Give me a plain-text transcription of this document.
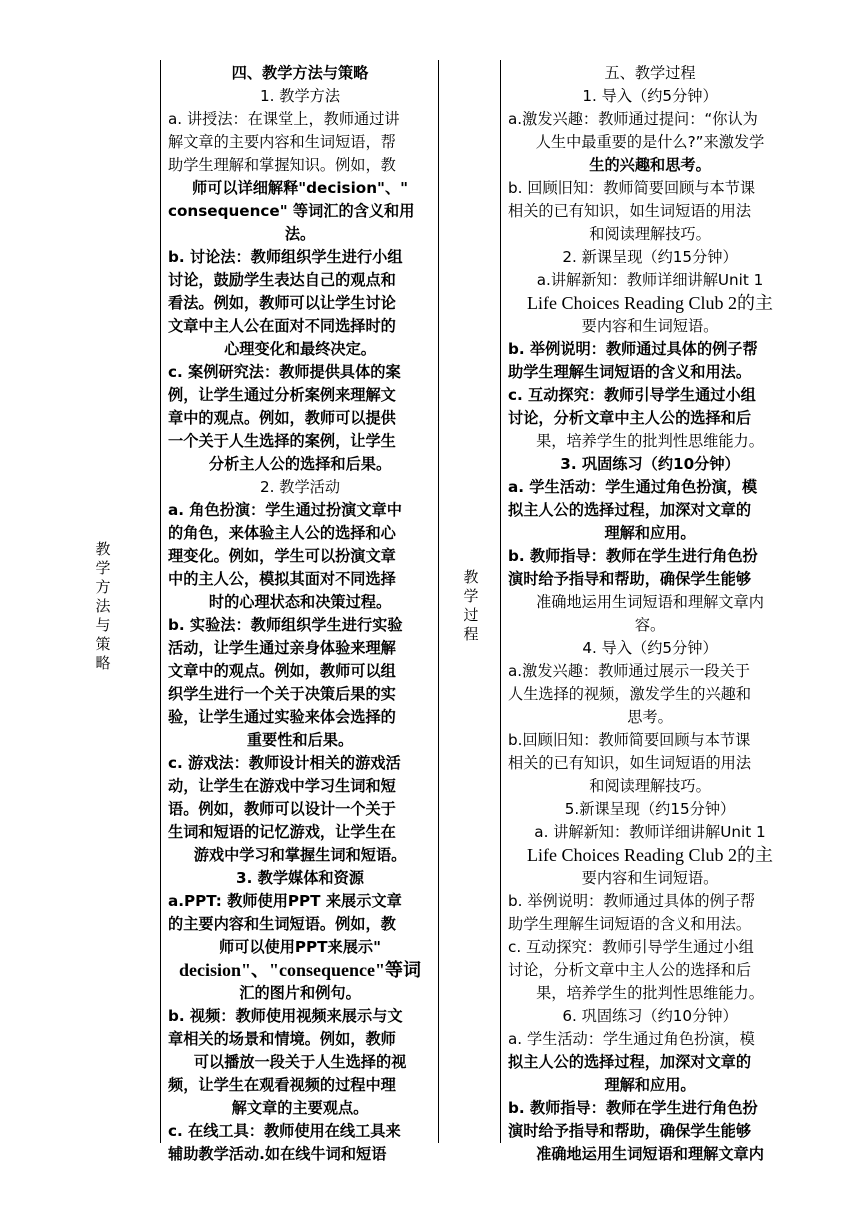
教
学
方
法
与
策
略
教
学
过
程

四、教学方法与策略

1. 教学方法

a. 讲授法：在课堂上，教师通过讲

解文章的主要内容和生词短语，帮

助学生理解和掌握知识。例如，教

师可以详细解释"decision"、"

consequence" 等词汇的含义和用

法。

b. 讨论法：教师组织学生进行小组

讨论，鼓励学生表达自己的观点和

看法。例如，教师可以让学生讨论

文章中主人公在面对不同选择时的

心理变化和最终决定。

c. 案例研究法：教师提供具体的案

例，让学生通过分析案例来理解文

章中的观点。例如，教师可以提供

一个关于人生选择的案例，让学生

分析主人公的选择和后果。

2. 教学活动

a. 角色扮演：学生通过扮演文章中

的角色，来体验主人公的选择和心

理变化。例如，学生可以扮演文章

中的主人公，模拟其面对不同选择

时的心理状态和决策过程。

b. 实验法：教师组织学生进行实验

活动，让学生通过亲身体验来理解

文章中的观点。例如，教师可以组

织学生进行一个关于决策后果的实

验，让学生通过实验来体会选择的

重要性和后果。

c. 游戏法：教师设计相关的游戏活

动，让学生在游戏中学习生词和短

语。例如，教师可以设计一个关于

生词和短语的记忆游戏，让学生在

游戏中学习和掌握生词和短语。

3. 教学媒体和资源

a.PPT: 教师使用PPT 来展示文章

的主要内容和生词短语。例如，教

师可以使用PPT来展示"

decision"、"consequence"等词

汇的图片和例句。

b. 视频：教师使用视频来展示与文

章相关的场景和情境。例如，教师

可以播放一段关于人生选择的视

频，让学生在观看视频的过程中理

解文章的主要观点。

c. 在线工具：教师使用在线工具来

辅助教学活动.如在线牛词和短语

五、教学过程

1. 导入（约5分钟）

a.激发兴趣：教师通过提问：“你认为

人生中最重要的是什么?”来激发学

生的兴趣和思考。

b. 回顾旧知：教师简要回顾与本节课

相关的已有知识，如生词短语的用法

和阅读理解技巧。

2. 新课呈现（约15分钟）

a.讲解新知：教师详细讲解Unit 1

Life Choices Reading Club 2的主

要内容和生词短语。

b. 举例说明：教师通过具体的例子帮

助学生理解生词短语的含义和用法。

c. 互动探究：教师引导学生通过小组

讨论，分析文章中主人公的选择和后

果，培养学生的批判性思维能力。

3. 巩固练习（约10分钟）

a. 学生活动：学生通过角色扮演，模

拟主人公的选择过程，加深对文章的

理解和应用。

b. 教师指导：教师在学生进行角色扮

演时给予指导和帮助，确保学生能够

准确地运用生词短语和理解文章内

容。

4. 导入（约5分钟）

a.激发兴趣：教师通过展示一段关于

人生选择的视频，激发学生的兴趣和

思考。

b.回顾旧知：教师简要回顾与本节课

相关的已有知识，如生词短语的用法

和阅读理解技巧。

5.新课呈现（约15分钟）

a. 讲解新知：教师详细讲解Unit 1

Life Choices Reading Club 2的主

要内容和生词短语。

b. 举例说明：教师通过具体的例子帮

助学生理解生词短语的含义和用法。

c. 互动探究：教师引导学生通过小组

讨论，分析文章中主人公的选择和后

果，培养学生的批判性思维能力。

6. 巩固练习（约10分钟）

a. 学生活动：学生通过角色扮演，模

拟主人公的选择过程，加深对文章的

理解和应用。

b. 教师指导：教师在学生进行角色扮

演时给予指导和帮助，确保学生能够

准确地运用生词短语和理解文章内
